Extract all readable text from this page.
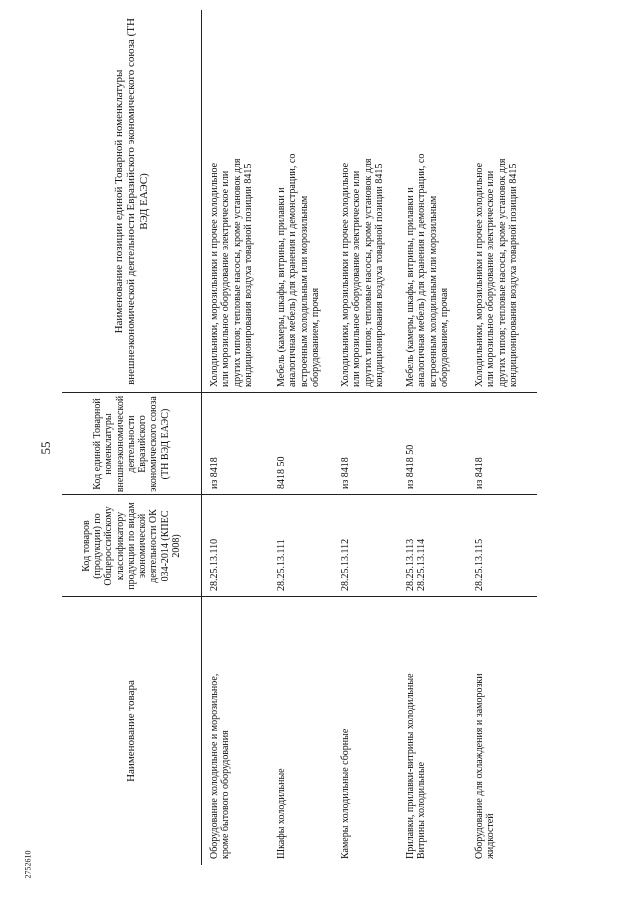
55
Наименование товара
Код товаров (продукции) по Общероссийскому классификатору продукции по видам экономической деятельности ОК 034-2014 (КПЕС 2008)
Код единой Товарной номенклатуры внешнеэкономической деятельности Евразийского экономического союза (ТН ВЭД ЕАЭС)
Наименование позиции единой Товарной номенклатуры внешнеэкономической деятельности Евразийского экономического союза (ТН ВЭД ЕАЭС)
Оборудование холодильное и морозильное, кроме бытового оборудования
28.25.13.110
из 8418
Холодильники, морозильники и прочее холодильное или морозильное оборудование электрическое или других типов; тепловые насосы, кроме установок для кондиционирования воздуха товарной позиции 8415
Шкафы холодильные
28.25.13.111
8418 50
Мебель (камеры, шкафы, витрины, прилавки и аналогичная мебель) для хранения и демонстрации, со встроенным холодильным или морозильным оборудованием, прочая
Камеры холодильные сборные
28.25.13.112
из 8418
Холодильники, морозильники и прочее холодильное или морозильное оборудование электрическое или других типов; тепловые насосы, кроме установок для кондиционирования воздуха товарной позиции 8415
Прилавки, прилавки-витрины холодильные Витрины холодильные
28.25.13.113 28.25.13.114
из 8418 50
Мебель (камеры, шкафы, витрины, прилавки и аналогичная мебель) для хранения и демонстрации, со встроенным холодильным или морозильным оборудованием, прочая
Оборудование для охлаждения и заморозки жидкостей
28.25.13.115
из 8418
Холодильники, морозильники и прочее холодильное или морозильное оборудование электрическое или других типов; тепловые насосы, кроме установок для кондиционирования воздуха товарной позиции 8415
2752610
